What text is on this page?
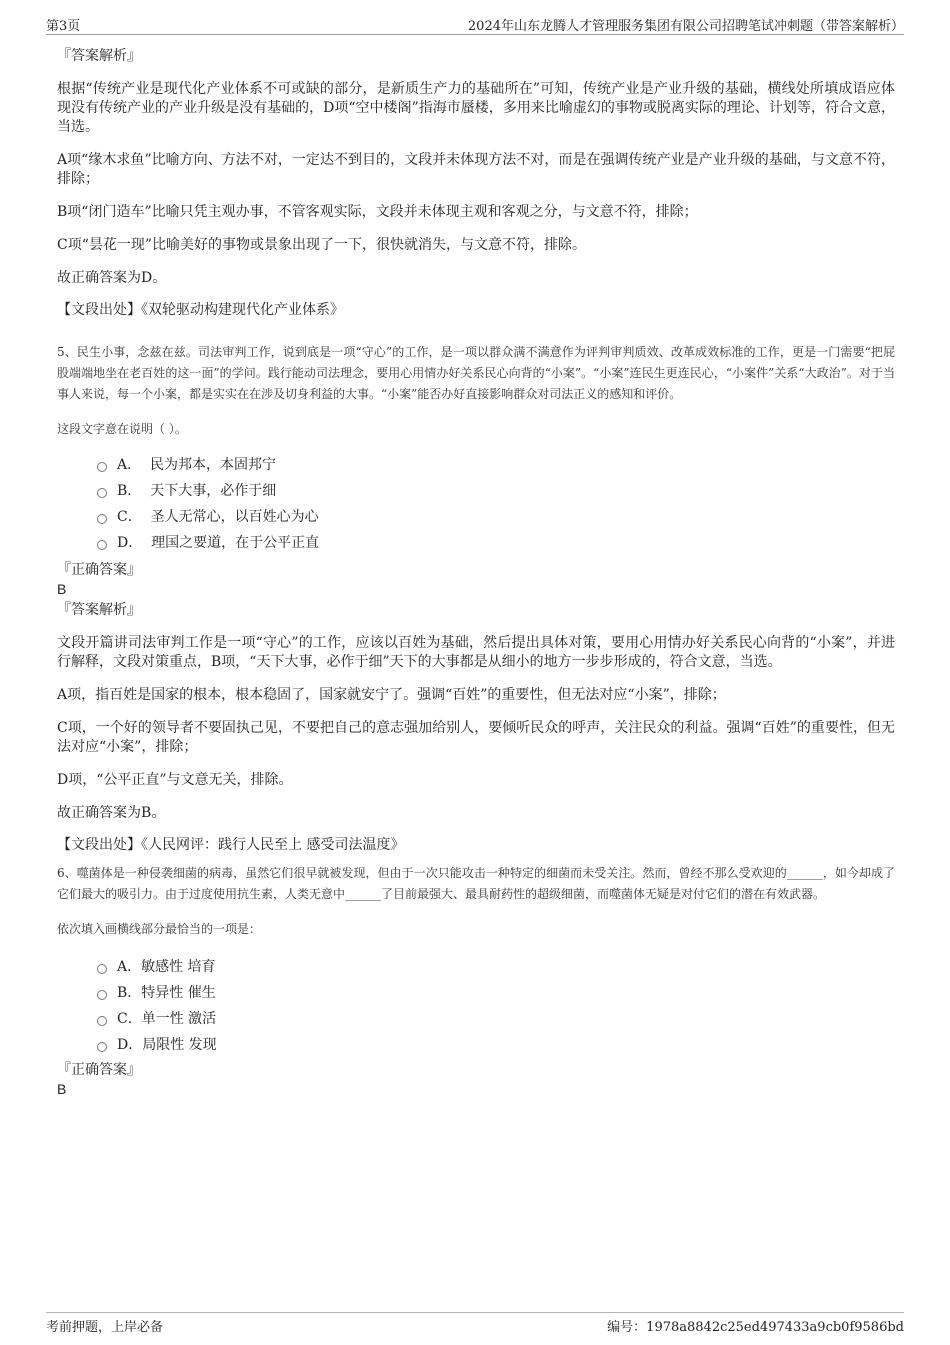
第3页	2024年山东龙腾人才管理服务集团有限公司招聘笔试冲刺题（带答案解析）

『答案解析』

根据“传统产业是现代化产业体系不可或缺的部分，是新质生产力的基础所在”可知，传统产业是产业升级的基础，横线处所填成语应体现没有传统产业的产业升级是没有基础的，D项“空中楼阁”指海市蜃楼，多用来比喻虚幻的事物或脱离实际的理论、计划等，符合文意，当选。

A项“缘木求鱼”比喻方向、方法不对，一定达不到目的，文段并未体现方法不对，而是在强调传统产业是产业升级的基础，与文意不符，排除；

B项“闭门造车”比喻只凭主观办事，不管客观实际，文段并未体现主观和客观之分，与文意不符，排除；

C项“昙花一现”比喻美好的事物或景象出现了一下，很快就消失，与文意不符，排除。

故正确答案为D。

【文段出处】《双轮驱动构建现代化产业体系》

5、民生小事，念兹在兹。司法审判工作，说到底是一项“守心”的工作，是一项以群众满不满意作为评判审判质效、改革成效标准的工作，更是一门需要“把屁股端端地坐在老百姓的这一面”的学问。践行能动司法理念，要用心用情办好关系民心向背的“小案”。“小案”连民生更连民心，“小案件”关系“大政治”。对于当事人来说，每一个小案，都是实实在在涉及切身利益的大事。“小案”能否办好直接影响群众对司法正义的感知和评价。

这段文字意在说明（ ）。

A．  民为邦本，本固邦宁
B．  天下大事，必作于细
C．  圣人无常心，以百姓心为心
D．  理国之要道，在于公平正直

『正确答案』

B

『答案解析』

文段开篇讲司法审判工作是一项“守心”的工作，应该以百姓为基础，然后提出具体对策，要用心用情办好关系民心向背的“小案”，并进行解释，文段对策重点，B项，“天下大事，必作于细”天下的大事都是从细小的地方一步步形成的，符合文意，当选。

A项，指百姓是国家的根本，根本稳固了，国家就安宁了。强调“百姓”的重要性，但无法对应“小案”，排除；

C项，一个好的领导者不要固执己见，不要把自己的意志强加给别人，要倾听民众的呼声，关注民众的利益。强调“百姓”的重要性，但无法对应“小案”，排除；

D项，“公平正直”与文意无关，排除。

故正确答案为B。

【文段出处】《人民网评：践行人民至上 感受司法温度》

6、噬菌体是一种侵袭细菌的病毒，虽然它们很早就被发现，但由于一次只能攻击一种特定的细菌而未受关注。然而，曾经不那么受欢迎的______，如今却成了它们最大的吸引力。由于过度使用抗生素，人类无意中______了目前最强大、最具耐药性的超级细菌，而噬菌体无疑是对付它们的潜在有效武器。

依次填入画横线部分最恰当的一项是：

A．敏感性 培育
B．特异性 催生
C．单一性 激活
D．局限性 发现

『正确答案』

B

考前押题，上岸必备	编号：1978a8842c25ed497433a9cb0f9586bd
